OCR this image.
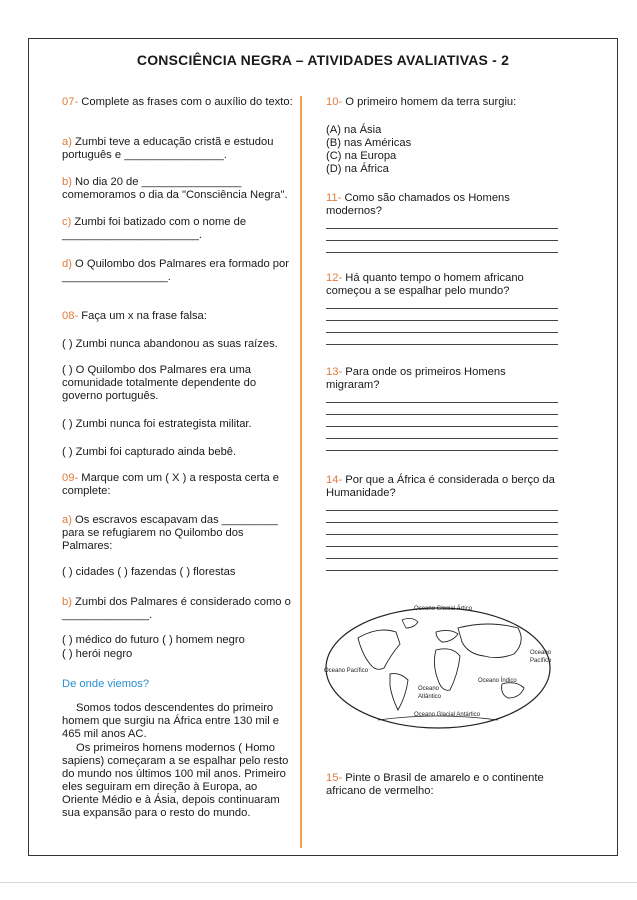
CONSCIÊNCIA NEGRA – ATIVIDADES AVALIATIVAS - 2
07- Complete as frases com o auxílio do texto:
a) Zumbi teve a educação cristã e estudou português e ________________.
b) No dia 20 de ________________ comemoramos o dia da "Consciência Negra".
c) Zumbi foi batizado com o nome de ______________________.
d) O Quilombo dos Palmares era formado por _________________.
08- Faça um x na frase falsa:
( ) Zumbi nunca abandonou as suas raízes.
( ) O Quilombo dos Palmares era uma comunidade totalmente dependente do governo português.
( ) Zumbi nunca foi estrategista militar.
( ) Zumbi foi capturado ainda bebê.
09- Marque com um ( X ) a resposta certa e complete:
a) Os escravos escapavam das _________ para se refugiarem no Quilombo dos Palmares:
( ) cidades ( ) fazendas ( ) florestas
b) Zumbi dos Palmares é considerado como o ______________.
( ) médico do futuro ( ) homem negro
( ) herói negro
De onde viemos?
Somos todos descendentes do primeiro homem que surgiu na África entre 130 mil e 465 mil anos AC.
Os primeiros homens modernos ( Homo sapiens) começaram a se espalhar pelo resto do mundo nos últimos 100 mil anos. Primeiro eles seguiram em direção à Europa, ao Oriente Médio e à Ásia, depois continuaram sua expansão para o resto do mundo.
10- O primeiro homem da terra surgiu:
(A) na Ásia
(B) nas Américas
(C) na Europa
(D) na África
11- Como são chamados os Homens modernos?
12- Há quanto tempo o homem africano começou a se espalhar pelo mundo?
13- Para onde os primeiros Homens migraram?
14- Por que a África é considerada o berço da Humanidade?
15- Pinte o Brasil de amarelo e o continente africano de vermelho:
Oceano Glacial Ártico
Oceano Pacífico
Oceano
Pacífico
Oceano
Atlântico
Oceano Índico
Oceano Glacial Antártico
